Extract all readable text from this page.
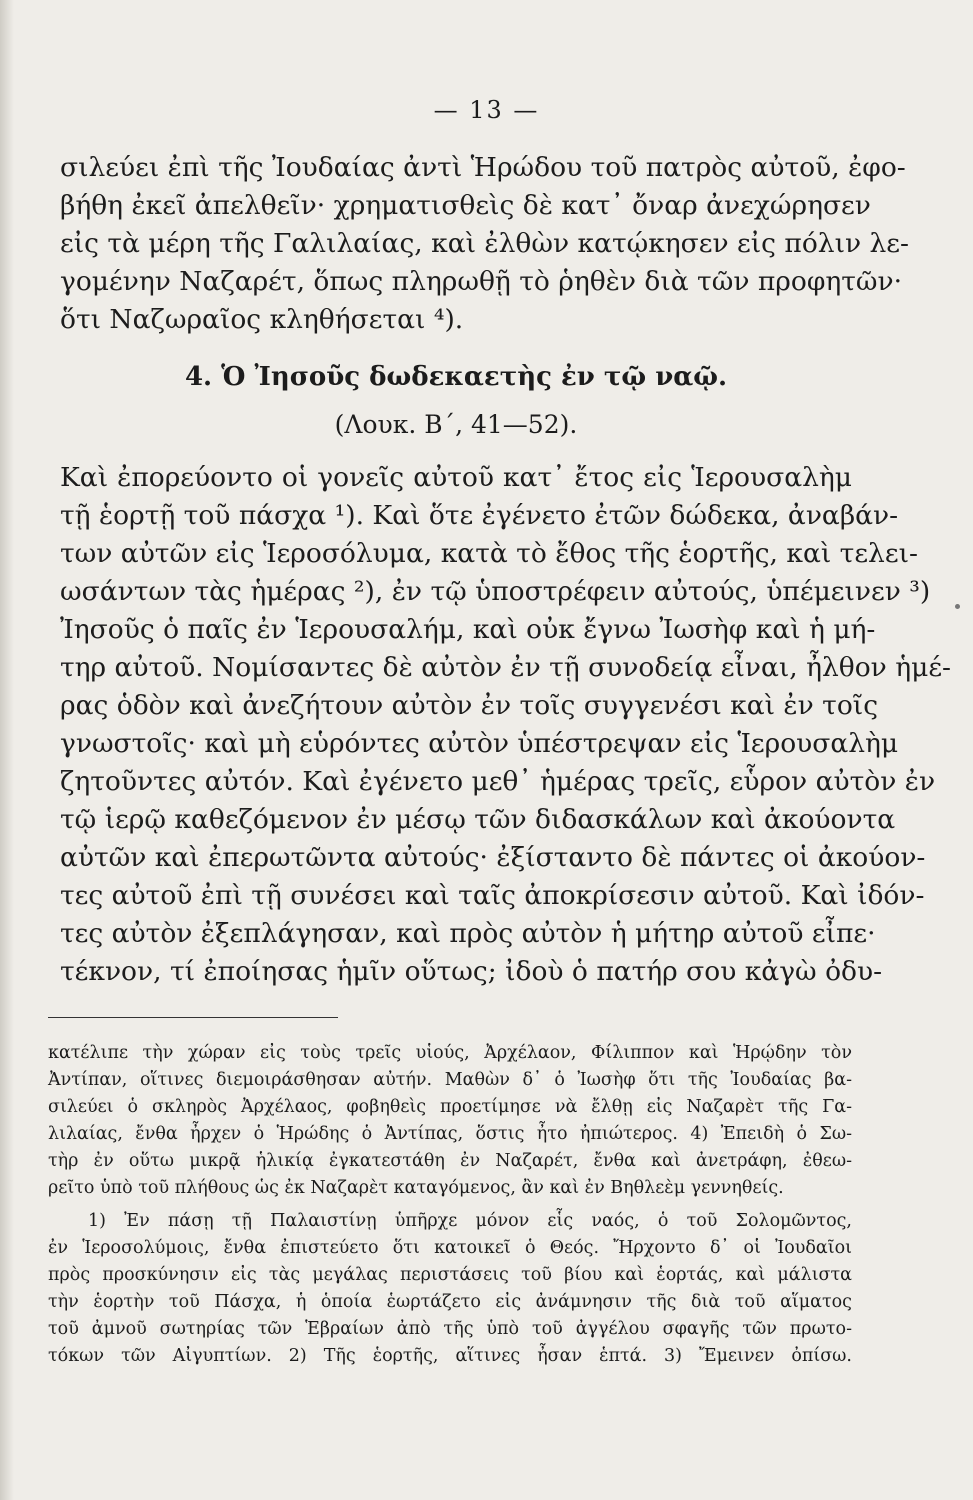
— 13 —
σιλεύει ἐπὶ τῆς Ἰουδαίας ἀντὶ Ἡρώδου τοῦ πατρὸς αὐτοῦ, ἐφο-
βήθη ἐκεῖ ἀπελθεῖν· χρηματισθεὶς δὲ κατ᾽ ὄναρ ἀνεχώρησεν
εἰς τὰ μέρη τῆς Γαλιλαίας, καὶ ἐλθὼν κατῴκησεν εἰς πόλιν λε-
γομένην Ναζαρέτ, ὅπως πληρωθῇ τὸ ῥηθὲν διὰ τῶν προφητῶν·
ὅτι Ναζωραῖος κληθήσεται ⁴).
4. Ὁ Ἰησοῦς δωδεκαετὴς ἐν τῷ ναῷ.
(Λουκ. Β΄, 41—52).
Καὶ ἐπορεύοντο οἱ γονεῖς αὐτοῦ κατ᾽ ἔτος εἰς Ἱερουσαλὴμ
τῇ ἑορτῇ τοῦ πάσχα ¹). Καὶ ὅτε ἐγένετο ἐτῶν δώδεκα, ἀναβάν-
των αὐτῶν εἰς Ἱεροσόλυμα, κατὰ τὸ ἔθος τῆς ἑορτῆς, καὶ τελει-
ωσάντων τὰς ἡμέρας ²), ἐν τῷ ὑποστρέφειν αὐτούς, ὑπέμεινεν ³)
Ἰησοῦς ὁ παῖς ἐν Ἱερουσαλήμ, καὶ οὐκ ἔγνω Ἰωσὴφ καὶ ἡ μή-
τηρ αὐτοῦ. Νομίσαντες δὲ αὐτὸν ἐν τῇ συνοδείᾳ εἶναι, ἦλθον ἡμέ-
ρας ὁδὸν καὶ ἀνεζήτουν αὐτὸν ἐν τοῖς συγγενέσι καὶ ἐν τοῖς
γνωστοῖς· καὶ μὴ εὑρόντες αὐτὸν ὑπέστρεψαν εἰς Ἱερουσαλὴμ
ζητοῦντες αὐτόν. Καὶ ἐγένετο μεθ᾽ ἡμέρας τρεῖς, εὗρον αὐτὸν ἐν
τῷ ἱερῷ καθεζόμενον ἐν μέσῳ τῶν διδασκάλων καὶ ἀκούοντα
αὐτῶν καὶ ἐπερωτῶντα αὐτούς· ἐξίσταντο δὲ πάντες οἱ ἀκούον-
τες αὐτοῦ ἐπὶ τῇ συνέσει καὶ ταῖς ἀποκρίσεσιν αὐτοῦ. Καὶ ἰδόν-
τες αὐτὸν ἐξεπλάγησαν, καὶ πρὸς αὐτὸν ἡ μήτηρ αὐτοῦ εἶπε·
τέκνον, τί ἐποίησας ἡμῖν οὕτως; ἰδοὺ ὁ πατήρ σου κἀγὼ ὀδυ-
κατέλιπε τὴν χώραν εἰς τοὺς τρεῖς υἱούς, Ἀρχέλαον, Φίλιππον καὶ Ἡρῴδην τὸν
Ἀντίπαν, οἵτινες διεμοιράσθησαν αὐτήν. Μαθὼν δ᾽ ὁ Ἰωσὴφ ὅτι τῆς Ἰουδαίας βα-
σιλεύει ὁ σκληρὸς Ἀρχέλαος, φοβηθεὶς προετίμησε νὰ ἔλθῃ εἰς Ναζαρὲτ τῆς Γα-
λιλαίας, ἔνθα ἦρχεν ὁ Ἡρώδης ὁ Ἀντίπας, ὅστις ἦτο ἠπιώτερος. 4) Ἐπειδὴ ὁ Σω-
τὴρ ἐν οὕτω μικρᾷ ἡλικίᾳ ἐγκατεστάθη ἐν Ναζαρέτ, ἔνθα καὶ ἀνετράφη, ἐθεω-
ρεῖτο ὑπὸ τοῦ πλήθους ὡς ἐκ Ναζαρὲτ καταγόμενος, ἂν καὶ ἐν Βηθλεὲμ γεννηθείς.
1) Ἐν πάσῃ τῇ Παλαιστίνῃ ὑπῆρχε μόνον εἷς ναός, ὁ τοῦ Σολομῶντος,
ἐν Ἱεροσολύμοις, ἔνθα ἐπιστεύετο ὅτι κατοικεῖ ὁ Θεός. Ἤρχοντο δ᾽ οἱ Ἰουδαῖοι
πρὸς προσκύνησιν εἰς τὰς μεγάλας περιστάσεις τοῦ βίου καὶ ἑορτάς, καὶ μάλιστα
τὴν ἑορτὴν τοῦ Πάσχα, ἡ ὁποία ἑωρτάζετο εἰς ἀνάμνησιν τῆς διὰ τοῦ αἵματος
τοῦ ἀμνοῦ σωτηρίας τῶν Ἑβραίων ἀπὸ τῆς ὑπὸ τοῦ ἀγγέλου σφαγῆς τῶν πρωτο-
τόκων τῶν Αἰγυπτίων. 2) Τῆς ἑορτῆς, αἵτινες ἦσαν ἑπτά. 3) Ἔμεινεν ὀπίσω.
